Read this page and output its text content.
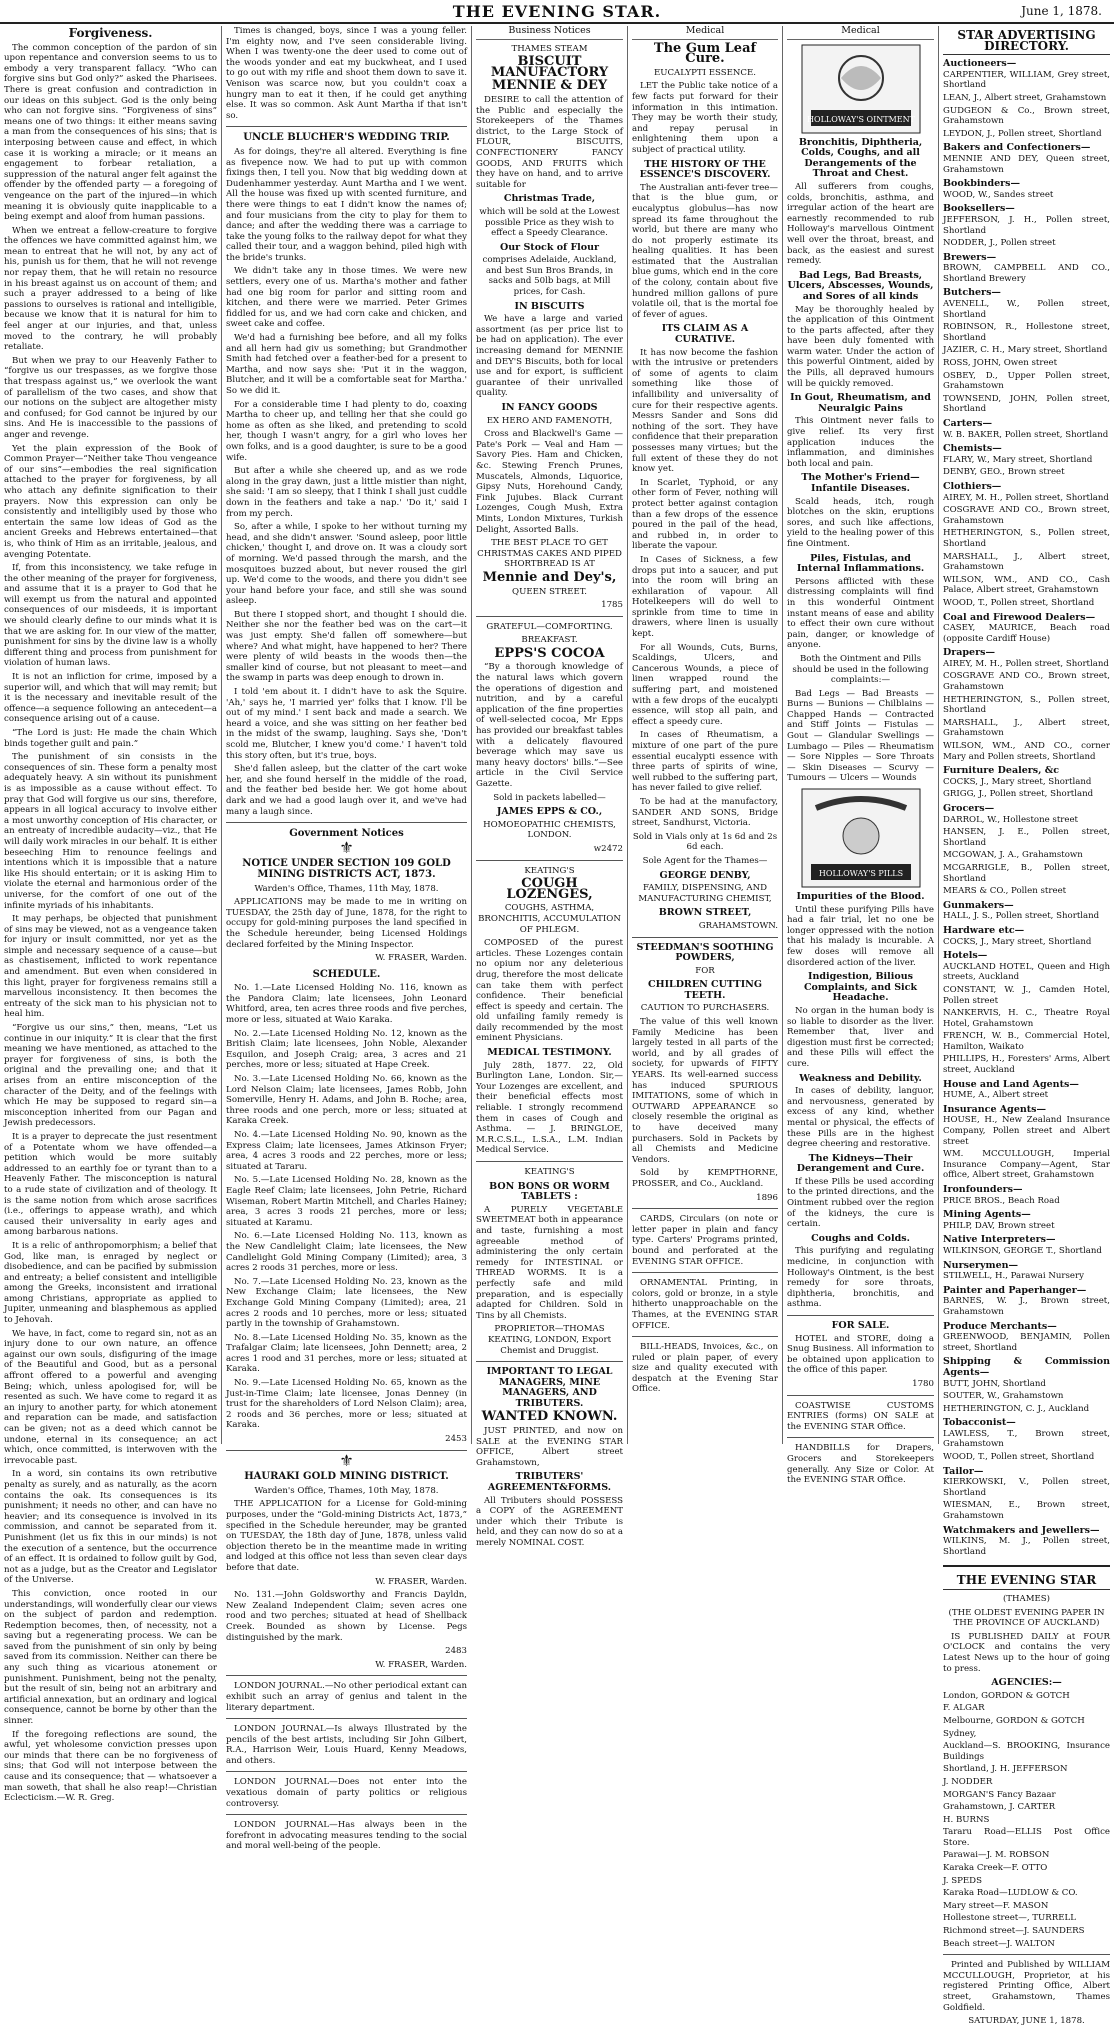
THE EVENING STAR.	June 1, 1878.
Forgiveness.

The common conception of the pardon of sin upon repentance and conversion seems to us to embody a very transparent fallacy. “Who can forgive sins but God only?” asked the Pharisees. There is great confusion and contradiction in our ideas on this subject. God is the only being who can not forgive sins. “Forgiveness of sins” means one of two things: it either means saving a man from the consequences of his sins; that is interposing between cause and effect, in which case it is working a miracle; or it means an engagement to forbear retaliation, a suppression of the natural anger felt against the offender by the offended party — a foregoing of vengeance on the part of the injured—in which meaning it is obviously quite inapplicable to a being exempt and aloof from human passions.

When we entreat a fellow-creature to forgive the offences we have committed against him, we mean to entreat that he will not, by any act of his, punish us for them, that he will not revenge nor repay them, that he will retain no resource in his breast against us on account of them; and such a prayer addressed to a being of like passions to ourselves is rational and intelligible, because we know that it is natural for him to feel anger at our injuries, and that, unless moved to the contrary, he will probably retaliate.

But when we pray to our Heavenly Father to “forgive us our trespasses, as we forgive those that trespass against us,” we overlook the want of parallelism of the two cases, and show that our notions on the subject are altogether misty and confused; for God cannot be injured by our sins. And He is inaccessible to the passions of anger and revenge.

Yet the plain expression of the Book of Common Prayer—“Neither take Thou vengeance of our sins”—embodies the real signification attached to the prayer for forgiveness, by all who attach any definite signification to their prayers. Now this expression can only be consistently and intelligibly used by those who entertain the same low ideas of God as the ancient Greeks and Hebrews entertained—that is, who think of Him as an irritable, jealous, and avenging Potentate.

If, from this inconsistency, we take refuge in the other meaning of the prayer for forgiveness, and assume that it is a prayer to God that he will exempt us from the natural and appointed consequences of our misdeeds, it is important we should clearly define to our minds what it is that we are asking for. In our view of the matter, punishment for sins by the divine law is a wholly different thing and process from punishment for violation of human laws.

It is not an infliction for crime, imposed by a superior will, and which that will may remit; but it is the necessary and inevitable result of the offence—a sequence following an antecedent—a consequence arising out of a cause.

“The Lord is just: He made the chain Which binds together guilt and pain.”

The punishment of sin consists in the consequences of sin. These form a penalty most adequately heavy. A sin without its punishment is as impossible as a cause without effect. To pray that God will forgive us our sins, therefore, appears in all logical accuracy to involve either a most unworthy conception of His character, or an entreaty of incredible audacity—viz., that He will daily work miracles in our behalf. It is either beseeching Him to renounce feelings and intentions which it is impossible that a nature like His should entertain; or it is asking Him to violate the eternal and harmonious order of the universe, for the comfort of one out of the infinite myriads of his inhabitants.

It may perhaps, be objected that punishment of sins may be viewed, not as a vengeance taken for injury or insult committed, nor yet as the simple and necessary sequence of a cause—but as chastisement, inflicted to work repentance and amendment. But even when considered in this light, prayer for forgiveness remains still a marvellous inconsistency. It then becomes the entreaty of the sick man to his physician not to heal him.

“Forgive us our sins,” then, means, “Let us continue in our iniquity.” It is clear that the first meaning we have mentioned, as attached to the prayer for forgiveness of sins, is both the original and the prevailing one; and that it arises from an entire misconception of the character of the Deity, and of the feelings with which He may be supposed to regard sin—a misconception inherited from our Pagan and Jewish predecessors.

It is a prayer to deprecate the just resentment of a Potentate whom we have offended—a petition which would be more suitably addressed to an earthly foe or tyrant than to a Heavenly Father. The misconception is natural to a rude state of civilization and of theology. It is the same notion from which arose sacrifices (i.e., offerings to appease wrath), and which caused their universality in early ages and among barbarous nations.

It is a relic of anthropomorphism; a belief that God, like man, is enraged by neglect or disobedience, and can be pacified by submission and entreaty; a belief consistent and intelligible among the Greeks, inconsistent and irrational among Christians, appropriate as applied to Jupiter, unmeaning and blasphemous as applied to Jehovah.

We have, in fact, come to regard sin, not as an injury done to our own nature, an offence against our own souls, disfiguring of the image of the Beautiful and Good, but as a personal affront offered to a powerful and avenging Being; which, unless apologised for, will be resented as such. We have come to regard it as an injury to another party, for which atonement and reparation can be made, and satisfaction can be given; not as a deed which cannot be undone, eternal in its consequence; an act which, once committed, is interwoven with the irrevocable past.

In a word, sin contains its own retributive penalty as surely, and as naturally, as the acorn contains the oak. Its consequences is its punishment; it needs no other, and can have no heavier; and its consequence is involved in its commission, and cannot be separated from it. Punishment (let us fix this in our minds) is not the execution of a sentence, but the occurrence of an effect. It is ordained to follow guilt by God, not as a judge, but as the Creator and Legislator of the Universe.

This conviction, once rooted in our understandings, will wonderfully clear our views on the subject of pardon and redemption. Redemption becomes, then, of necessity, not a saving but a regenerating process. We can be saved from the punishment of sin only by being saved from its commission. Neither can there be any such thing as vicarious atonement or punishment. Punishment, being not the penalty, but the result of sin, being not an arbitrary and artificial annexation, but an ordinary and logical consequence, cannot be borne by other than the sinner.

If the foregoing reflections are sound, the awful, yet wholesome conviction presses upon our minds that there can be no forgiveness of sins; that God will not interpose between the cause and its consequence; that — whatsoever a man soweth, that shall he also reap!—Christian Eclecticism.—W. R. Greg.

Times is changed, boys, since I was a young feller. I'm eighty now, and I've seen considerable living. When I was twenty-one the deer used to come out of the woods yonder and eat my buckwheat, and I used to go out with my rifle and shoot them down to save it. Venison was scarce now, but you couldn't coax a hungry man to eat it then, if he could get anything else. It was so common. Ask Aunt Martha if that isn't so.

UNCLE BLUCHER'S WEDDING TRIP.

As for doings, they're all altered. Everything is fine as fivepence now. We had to put up with common fixings then, I tell you. Now that big wedding down at Dudenhammer yesterday. Aunt Martha and I we went. All the house was fixed up with scented furniture, and there were things to eat I didn't know the names of; and four musicians from the city to play for them to dance; and after the wedding there was a carriage to take the young folks to the railway depot for what they called their tour, and a waggon behind, piled high with the bride's trunks.

We didn't take any in those times. We were new settlers, every one of us. Martha's mother and father had one big room for parlor and sitting room and kitchen, and there were we married. Peter Grimes fiddled for us, and we had corn cake and chicken, and sweet cake and coffee.

We'd had a furnishing bee before, and all my folks and all hern had giv us something; but Grandmother Smith had fetched over a feather-bed for a present to Martha, and now says she: 'Put it in the waggon, Blutcher, and it will be a comfortable seat for Martha.' So we did it.

For a considerable time I had plenty to do, coaxing Martha to cheer up, and telling her that she could go home as often as she liked, and pretending to scold her, though I wasn't angry, for a girl who loves her own folks, and is a good daughter, is sure to be a good wife.

But after a while she cheered up, and as we rode along in the gray dawn, just a little mistier than night, she said: 'I am so sleepy, that I think I shall just cuddle down in the feathers and take a nap.' 'Do it,' said I from my perch.

So, after a while, I spoke to her without turning my head, and she didn't answer. 'Sound asleep, poor little chicken,' thought I, and drove on. It was a cloudy sort of morning. We'd passed through the marsh, and the mosquitoes buzzed about, but never roused the girl up. We'd come to the woods, and there you didn't see your hand before your face, and still she was sound asleep.

But there I stopped short, and thought I should die. Neither she nor the feather bed was on the cart—it was just empty. She'd fallen off somewhere—but where? And what might, have happened to her? There were plenty of wild beasts in the woods then—the smaller kind of course, but not pleasant to meet—and the swamp in parts was deep enough to drown in.

I told 'em about it. I didn't have to ask the Squire. 'Ah,' says he, 'I married yer' folks that I know. I'll be out of my mind.' I sent back and made a search. We heard a voice, and she was sitting on her feather bed in the midst of the swamp, laughing. Says she, 'Don't scold me, Blutcher, I knew you'd come.' I haven't told this story often, but it's true, boys.

She'd fallen asleep, but the clatter of the cart woke her, and she found herself in the middle of the road, and the feather bed beside her. We got home about dark and we had a good laugh over it, and we've had many a laugh since.

Government Notices
⚜
NOTICE UNDER SECTION 109 GOLD MINING DISTRICTS ACT, 1873.

Warden's Office, Thames, 11th May, 1878.

APPLICATIONS may be made to me in writing on TUESDAY, the 25th day of June, 1878, for the right to occupy for gold-mining purposes the land specified in the Schedule hereunder, being Licensed Holdings declared forfeited by the Mining Inspector.

W. FRASER, Warden.

SCHEDULE.

No. 1.—Late Licensed Holding No. 116, known as the Pandora Claim; late licensees, John Leonard Whitford, area, ten acres three roods and five perches, more or less, situated at Waio Karaka.

No. 2.—Late Licensed Holding No. 12, known as the British Claim; late licensees, John Noble, Alexander Esquilon, and Joseph Craig; area, 3 acres and 21 perches, more or less; situated at Hape Creek.

No. 3.—Late Licensed Holding No. 66, known as the Lord Nelson Claim; late licensees, James Robb, John Somerville, Henry H. Adams, and John B. Roche; area, three roods and one perch, more or less; situated at Karaka Creek.

No. 4.—Late Licensed Holding No. 90, known as the Express Claim; late licensees, James Atkinson Fryer; area, 4 acres 3 roods and 22 perches, more or less; situated at Tararu.

No. 5.—Late Licensed Holding No. 28, known as the Eagle Reef Claim; late licensees, John Petrie, Richard Wiseman, Robert Martin Mitchell, and Charles Hainey; area, 3 acres 3 roods 21 perches, more or less; situated at Karamu.

No. 6.—Late Licensed Holding No. 113, known as the New Candlelight Claim; late licensees, the New Candlelight Gold Mining Company (Limited); area, 3 acres 2 roods 31 perches, more or less.

No. 7.—Late Licensed Holding No. 23, known as the New Exchange Claim; late licensees, the New Exchange Gold Mining Company (Limited); area, 21 acres 2 roods and 10 perches, more or less; situated partly in the township of Grahamstown.

No. 8.—Late Licensed Holding No. 35, known as the Trafalgar Claim; late licensees, John Dennett; area, 2 acres 1 rood and 31 perches, more or less; situated at Karaka.

No. 9.—Late Licensed Holding No. 65, known as the Just-in-Time Claim; late licensee, Jonas Denney (in trust for the shareholders of Lord Nelson Claim); area, 2 roods and 36 perches, more or less; situated at Karaka.

2453

⚜
HAURAKI GOLD MINING DISTRICT.

Warden's Office, Thames, 10th May, 1878.

THE APPLICATION for a License for Gold-mining purposes, under the “Gold-mining Districts Act, 1873,” specified in the Schedule hereunder, may be granted on TUESDAY, the 18th day of June, 1878, unless valid objection thereto be in the meantime made in writing and lodged at this office not less than seven clear days before that date.

W. FRASER, Warden.

No. 131.—John Goldsworthy and Francis Dayldn, New Zealand Independent Claim; seven acres one rood and two perches; situated at head of Shellback Creek. Bounded as shown by License. Pegs distinguished by the mark.

2483

W. FRASER, Warden.

LONDON JOURNAL.—No other periodical extant can exhibit such an array of genius and talent in the literary department.

LONDON JOURNAL—Is always Illustrated by the pencils of the best artists, including Sir John Gilbert, R.A., Harrison Weir, Louis Huard, Kenny Meadows, and others.

LONDON JOURNAL—Does not enter into the vexatious domain of party politics or religious controversy.

LONDON JOURNAL—Has always been in the forefront in advocating measures tending to the social and moral well-being of the people.

Business Notices

THAMES STEAM

BISCUIT MANUFACTORY
MENNIE & DEY

DESIRE to call the attention of the Public and especially the Storekeepers of the Thames district, to the Large Stock of FLOUR, BISCUITS, CONFECTIONERY FANCY GOODS, AND FRUITS which they have on hand, and to arrive suitable for

Christmas Trade,

which will be sold at the Lowest possible Price as they wish to effect a Speedy Clearance.

Our Stock of Flour

comprises Adelaide, Auckland, and best Sun Bros Brands, in sacks and 50lb bags, at Mill prices, for Cash.

IN BISCUITS

We have a large and varied assortment (as per price list to be had on application). The ever increasing demand for MENNIE and DEY'S Biscuits, both for local use and for export, is sufficient guarantee of their unrivalled quality.

IN FANCY GOODS

EX HERO AND FAMENOTH,

Cross and Blackwell's Game — Pate's Pork — Veal and Ham — Savory Pies. Ham and Chicken, &c. Stewing French Prunes, Muscatels, Almonds, Liquorice, Gipsy Nuts, Horehound Candy, Fink Jujubes. Black Currant Lozenges, Cough Mush, Extra Mints, London Mixtures, Turkish Delight, Assorted Balls.

THE BEST PLACE TO GET CHRISTMAS CAKES AND PIPED SHORTBREAD IS AT

Mennie and Dey's,

QUEEN STREET.

1785

GRATEFUL—COMFORTING.

BREAKFAST.

EPPS'S COCOA

“By a thorough knowledge of the natural laws which govern the operations of digestion and nutrition, and by a careful application of the fine properties of well-selected cocoa, Mr Epps has provided our breakfast tables with a delicately flavoured beverage which may save us many heavy doctors' bills.”—See article in the Civil Service Gazette.

Sold in packets labelled—

JAMES EPPS & CO.,

HOMOEOPATHIC CHEMISTS, LONDON.

w2472

KEATING'S

COUGH LOZENGES,

COUGHS, ASTHMA, BRONCHITIS, ACCUMULATION OF PHLEGM.

COMPOSED of the purest articles. These Lozenges contain no opium nor any deleterious drug, therefore the most delicate can take them with perfect confidence. Their beneficial effect is speedy and certain. The old unfailing family remedy is daily recommended by the most eminent Physicians.

MEDICAL TESTIMONY.

July 28th, 1877. 22, Old Burlington Lane, London. Sir,—Your Lozenges are excellent, and their beneficial effects most reliable. I strongly recommend them in cases of Cough and Asthma. — J. BRINGLOE, M.R.C.S.L., L.S.A., L.M. Indian Medical Service.

KEATING'S

BON BONS OR WORM TABLETS :

A PURELY VEGETABLE SWEETMEAT both in appearance and taste, furnishing a most agreeable method of administering the only certain remedy for INTESTINAL or THREAD WORMS. It is a perfectly safe and mild preparation, and is especially adapted for Children. Sold in Tins by all Chemists.

PROPRIETOR—THOMAS KEATING, LONDON, Export Chemist and Druggist.

IMPORTANT TO LEGAL MANAGERS, MINE MANAGERS, AND TRIBUTERS.
WANTED KNOWN.

JUST PRINTED, and now on SALE at the EVENING STAR OFFICE, Albert street Grahamstown,

TRIBUTERS' AGREEMENT&FORMS.

All Tributers should POSSESS a COPY of the AGREEMENT under which their Tribute is held, and they can now do so at a merely NOMINAL COST.

Medical
The Gum Leaf Cure.

EUCALYPTI ESSENCE.

LET the Public take notice of a few facts put forward for their information in this intimation. They may be worth their study, and repay perusal in enlightening them upon a subject of practical utility.

THE HISTORY OF THE ESSENCE'S DISCOVERY.

The Australian anti-fever tree—that is the blue gum, or eucalyptus globulus—has now spread its fame throughout the world, but there are many who do not properly estimate its healing qualities. It has been estimated that the Australian blue gums, which end in the core of the colony, contain about five hundred million gallons of pure volatile oil, that is the mortal foe of fever of agues.

ITS CLAIM AS A CURATIVE.

It has now become the fashion with the intrusive or pretenders of some of agents to claim something like those of infallibility and universality of cure for their respective agents. Messrs Sander and Sons did nothing of the sort. They have confidence that their preparation possesses many virtues; but the full extent of these they do not know yet.

In Scarlet, Typhoid, or any other form of Fever, nothing will protect better against contagion than a few drops of the essence poured in the pail of the head, and rubbed in, in order to liberate the vapour.

In Cases of Sickness, a few drops put into a saucer, and put into the room will bring an exhilaration of vapour. All Hotelkeepers will do well to sprinkle from time to time in drawers, where linen is usually kept.

For all Wounds, Cuts, Burns, Scaldings, Ulcers, and Cancerous Wounds, a piece of linen wrapped round the suffering part, and moistened with a few drops of the eucalypti essence, will stop all pain, and effect a speedy cure.

In cases of Rheumatism, a mixture of one part of the pure essential eucalypti essence with three parts of spirits of wine, well rubbed to the suffering part, has never failed to give relief.

To be had at the manufactory, SANDER AND SONS, Bridge street, Sandhurst, Victoria.

Sold in Vials only at 1s 6d and 2s 6d each.

Sole Agent for the Thames—

GEORGE DENBY,

FAMILY, DISPENSING, AND MANUFACTURING CHEMIST,

BROWN STREET,

GRAHAMSTOWN.

STEEDMAN'S SOOTHING POWDERS,

FOR

CHILDREN CUTTING TEETH.

CAUTION TO PURCHASERS.

The value of this well known Family Medicine has been largely tested in all parts of the world, and by all grades of society, for upwards of FIFTY YEARS. Its well-earned success has induced SPURIOUS IMITATIONS, some of which in OUTWARD APPEARANCE so closely resemble the original as to have deceived many purchasers. Sold in Packets by all Chemists and Medicine Vendors.

Sold by KEMPTHORNE, PROSSER, and Co., Auckland.

1896

CARDS, Circulars (on note or letter paper in plain and fancy type. Carters' Programs printed, bound and perforated at the EVENING STAR OFFICE.

ORNAMENTAL Printing, in colors, gold or bronze, in a style hitherto unapproachable on the Thames, at the EVENING STAR OFFICE.

BILL-HEADS, Invoices, &c., on ruled or plain paper, of every size and quality executed with despatch at the Evening Star Office.

Medical
HOLLOWAY'S OINTMENT
Bronchitis, Diphtheria, Colds, Coughs, and all Derangements of the Throat and Chest.

All sufferers from coughs, colds, bronchitis, asthma, and irregular action of the heart are earnestly recommended to rub Holloway's marvellous Ointment well over the throat, breast, and back, as the easiest and surest remedy.

Bad Legs, Bad Breasts, Ulcers, Abscesses, Wounds, and Sores of all kinds

May be thoroughly healed by the application of this Ointment to the parts affected, after they have been duly fomented with warm water. Under the action of this powerful Ointment, aided by the Pills, all depraved humours will be quickly removed.

In Gout, Rheumatism, and Neuralgic Pains

This Ointment never fails to give relief. Its very first application induces the inflammation, and diminishes both local and pain.

The Mother's Friend—Infantile Diseases.

Scald heads, itch, rough blotches on the skin, eruptions sores, and such like affections, yield to the healing power of this fine Ointment.

Piles, Fistulas, and Internal Inflammations.

Persons afflicted with these distressing complaints will find in this wonderful Ointment instant means of ease and ability to effect their own cure without pain, danger, or knowledge of anyone.

Both the Ointment and Pills should be used in the following complaints:—

Bad Legs — Bad Breasts — Burns — Bunions — Chilblains — Chapped Hands — Contracted and Stiff Joints — Fistulas — Gout — Glandular Swellings — Lumbago — Piles — Rheumatism — Sore Nipples — Sore Throats — Skin Diseases — Scurvy — Tumours — Ulcers — Wounds

HOLLOWAY'S PILLS
Impurities of the Blood.

Until these purifying Pills have had a fair trial, let no one be longer oppressed with the notion that his malady is incurable. A few doses will remove all disordered action of the liver.

Indigestion, Bilious Complaints, and Sick Headache.

No organ in the human body is so liable to disorder as the liver. Remember that, liver and digestion must first be corrected; and these Pills will effect the cure.

Weakness and Debility.

In cases of debility, languor, and nervousness, generated by excess of any kind, whether mental or physical, the effects of these Pills are in the highest degree cheering and restorative.

The Kidneys—Their Derangement and Cure.

If these Pills be used according to the printed directions, and the Ointment rubbed over the region of the kidneys, the cure is certain.

Coughs and Colds.

This purifying and regulating medicine, in conjunction with Holloway's Ointment, is the best remedy for sore throats, diphtheria, bronchitis, and asthma.

FOR SALE.

HOTEL and STORE, doing a Snug Business. All information to be obtained upon application to the office of this paper.

1780

COASTWISE CUSTOMS ENTRIES (forms) ON SALE at the EVENING STAR Office.

HANDBILLS for Drapers, Grocers and Storekeepers generally. Any Size or Color. At the EVENING STAR Office.

STAR ADVERTISING DIRECTORY.
Auctioneers—

CARPENTIER, WILLIAM, Grey street, Shortland

LEAN, J., Albert street, Grahamstown

GUDGEON & Co., Brown street, Grahamstown

LEYDON, J., Pollen street, Shortland

Bakers and Confectioners—

MENNIE AND DEY, Queen street, Grahamstown

Bookbinders—

WOOD, W., Sandes street

Booksellers—

JEFFERSON, J. H., Pollen street, Shortland

NODDER, J., Pollen street

Brewers—

BROWN, CAMPBELL AND CO., Shortland Brewery

Butchers—

AVENELL, W., Pollen street, Shortland

ROBINSON, R., Hollestone street, Shortland

JAZIER, C. H., Mary street, Shortland

ROSS, JOHN, Owen street

OSBEY, D., Upper Pollen street, Grahamstown

TOWNSEND, JOHN, Pollen street, Shortland

Carters—

W. B. BAKER, Pollen street, Shortland

Chemists—

FLARY, W., Mary street, Shortland

DENBY, GEO., Brown street

Clothiers—

AIREY, M. H., Pollen street, Shortland

COSGRAVE AND CO., Brown street, Grahamstown

HETHERINGTON, S., Pollen street, Shortland

MARSHALL, J., Albert street, Grahamstown

WILSON, WM., AND CO., Cash Palace, Albert street, Grahamstown

WOOD, T., Pollen street, Shortland

Coal and Firewood Dealers—

CASEY, MAURICE, Beach road (opposite Cardiff House)

Drapers—

AIREY, M. H., Pollen street, Shortland

COSGRAVE AND CO., Brown street, Grahamstown

HETHERINGTON, S., Pollen street, Shortland

MARSHALL, J., Albert street, Grahamstown

WILSON, WM., AND CO., corner Mary and Pollen streets, Shortland

Furniture Dealers, &c

COCKS, J., Mary street, Shortland

GRIGG, J., Pollen street, Shortland

Grocers—

DARROL, W., Hollestone street

HANSEN, J. E., Pollen street, Shortland

MCGOWAN, J. A., Grahamstown

MCGARRIGLE, B., Pollen street, Shortland

MEARS & CO., Pollen street

Gunmakers—

HALL, J. S., Pollen street, Shortland

Hardware etc—

COCKS, J., Mary street, Shortland

Hotels—

AUCKLAND HOTEL, Queen and High streets, Auckland

CONSTANT, W. J., Camden Hotel, Pollen street

NANKERVIS, H. C., Theatre Royal Hotel, Grahamstown

FRENCH, W. B., Commercial Hotel, Hamilton, Waikato

PHILLIPS, H., Foresters' Arms, Albert street, Auckland

House and Land Agents—

HUME, A., Albert street

Insurance Agents—

HOUSE, H., New Zealand Insurance Company, Pollen street and Albert street

WM. MCCULLOUGH, Imperial Insurance Company—Agent, Star office, Albert street, Grahamstown

Ironfounders—

PRICE BROS., Beach Road

Mining Agents—

PHILP, DAV, Brown street

Native Interpreters—

WILKINSON, GEORGE T., Shortland

Nurserymen—

STILWELL, H., Parawai Nursery

Painter and Paperhanger—

BARNES, W. J., Brown street, Grahamstown

Produce Merchants—

GREENWOOD, BENJAMIN, Pollen street, Shortland

Shipping & Commission Agents—

BUTT, JOHN, Shortland

SOUTER, W., Grahamstown

HETHERINGTON, C. J., Auckland

Tobacconist—

LAWLESS, T., Brown street, Grahamstown

WOOD, T., Pollen street, Shortland

Tailor—

KIERKOWSKI, V., Pollen street, Shortland

WIESMAN, E., Brown street, Grahamstown

Watchmakers and Jewellers—

WILKINS, M. J., Pollen street, Shortland

THE EVENING STAR

(THAMES)

(THE OLDEST EVENING PAPER IN THE PROVINCE OF AUCKLAND)

IS PUBLISHED DAILY at FOUR O'CLOCK and contains the very Latest News up to the hour of going to press.

AGENCIES:—

London, GORDON & GOTCH

F. ALGAR

Melbourne, GORDON & GOTCH

Sydney,

Auckland—S. BROOKING, Insurance Buildings

Shortland, J. H. JEFFERSON

J. NODDER

MORGAN'S Fancy Bazaar

Grahamstown, J. CARTER

H. BURNS

Tararu Road—ELLIS Post Office Store.

Parawai—J. M. ROBSON

Karaka Creek—F. OTTO

J. SPEDS

Karaka Road—LUDLOW & CO.

Mary street—F. MASON

Hollestone street—, TURRELL

Richmond street—J. SAUNDERS

Beach street—J. WALTON

Printed and Published by WILLIAM MCCULLOUGH, Proprietor, at his registered Printing Office, Albert street, Grahamstown, Thames Goldfield.

SATURDAY, JUNE 1, 1878.
